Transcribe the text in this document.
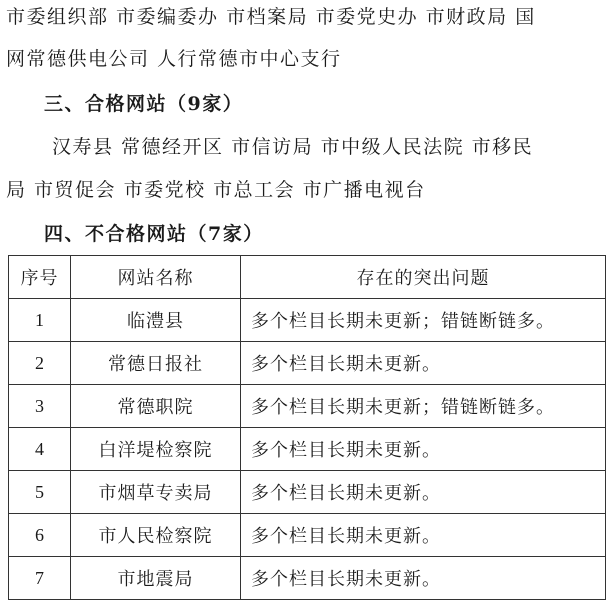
市委组织部 市委编委办 市档案局 市委党史办 市财政局 国
网常德供电公司 人行常德市中心支行
三、合格网站（9家）
汉寿县 常德经开区 市信访局 市中级人民法院 市移民
局 市贸促会 市委党校 市总工会 市广播电视台
四、不合格网站（7家）
序号	网站名称	存在的突出问题
1	临澧县	多个栏目长期未更新；错链断链多。
2	常德日报社	多个栏目长期未更新。
3	常德职院	多个栏目长期未更新；错链断链多。
4	白洋堤检察院	多个栏目长期未更新。
5	市烟草专卖局	多个栏目长期未更新。
6	市人民检察院	多个栏目长期未更新。
7	市地震局	多个栏目长期未更新。
